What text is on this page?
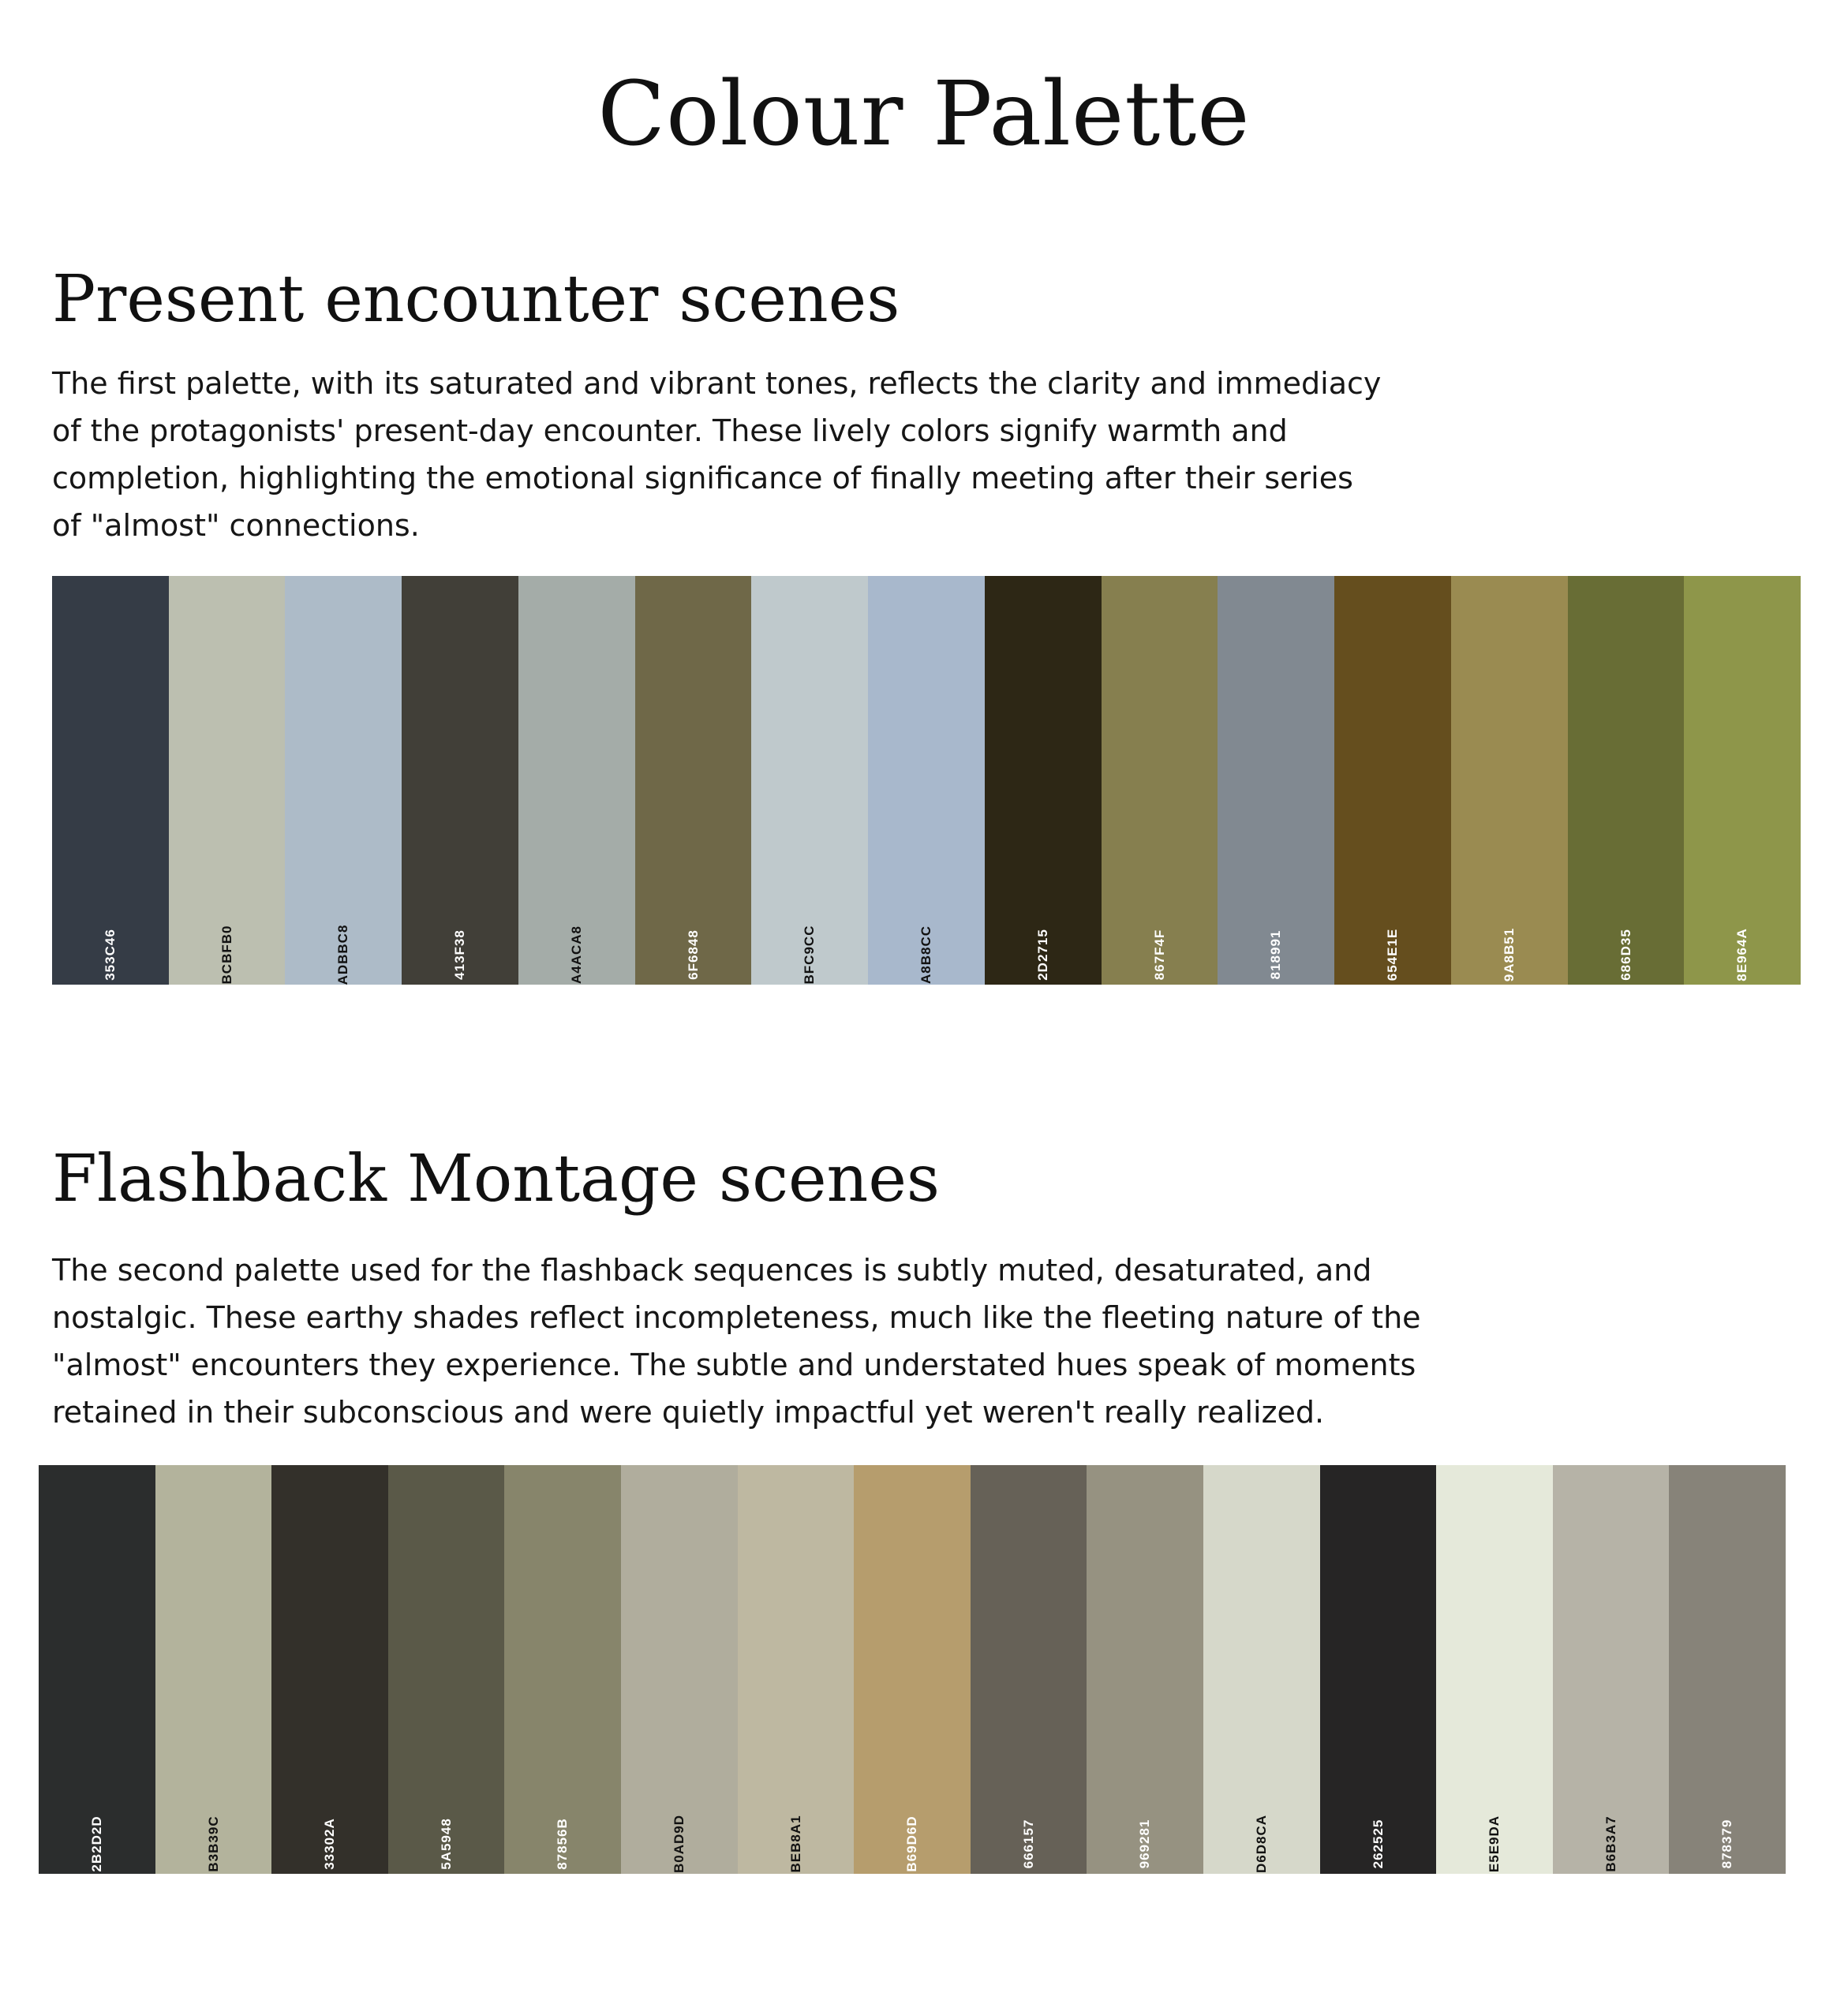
Colour Palette
Present encounter scenes
The first palette, with its saturated and vibrant tones, reflects the clarity and immediacy
of the protagonists' present-day encounter. These lively colors signify warmth and
completion, highlighting the emotional significance of finally meeting after their series
of "almost" connections.
353C46	BCBFB0	ADBBC8	413F38	A4ACA8	6F6848	BFC9CC	A8B8CC	2D2715	867F4F	818991	654E1E	9A8B51	686D35	8E964A
Flashback Montage scenes
The second palette used for the flashback sequences is subtly muted, desaturated, and
nostalgic. These earthy shades reflect incompleteness, much like the fleeting nature of the
"almost" encounters they experience. The subtle and understated hues speak of moments
retained in their subconscious and were quietly impactful yet weren't really realized.
2B2D2D	B3B39C	33302A	5A5948	87856B	B0AD9D	BEB8A1	B69D6D	666157	969281	D6D8CA	262525	E5E9DA	B6B3A7	878379
